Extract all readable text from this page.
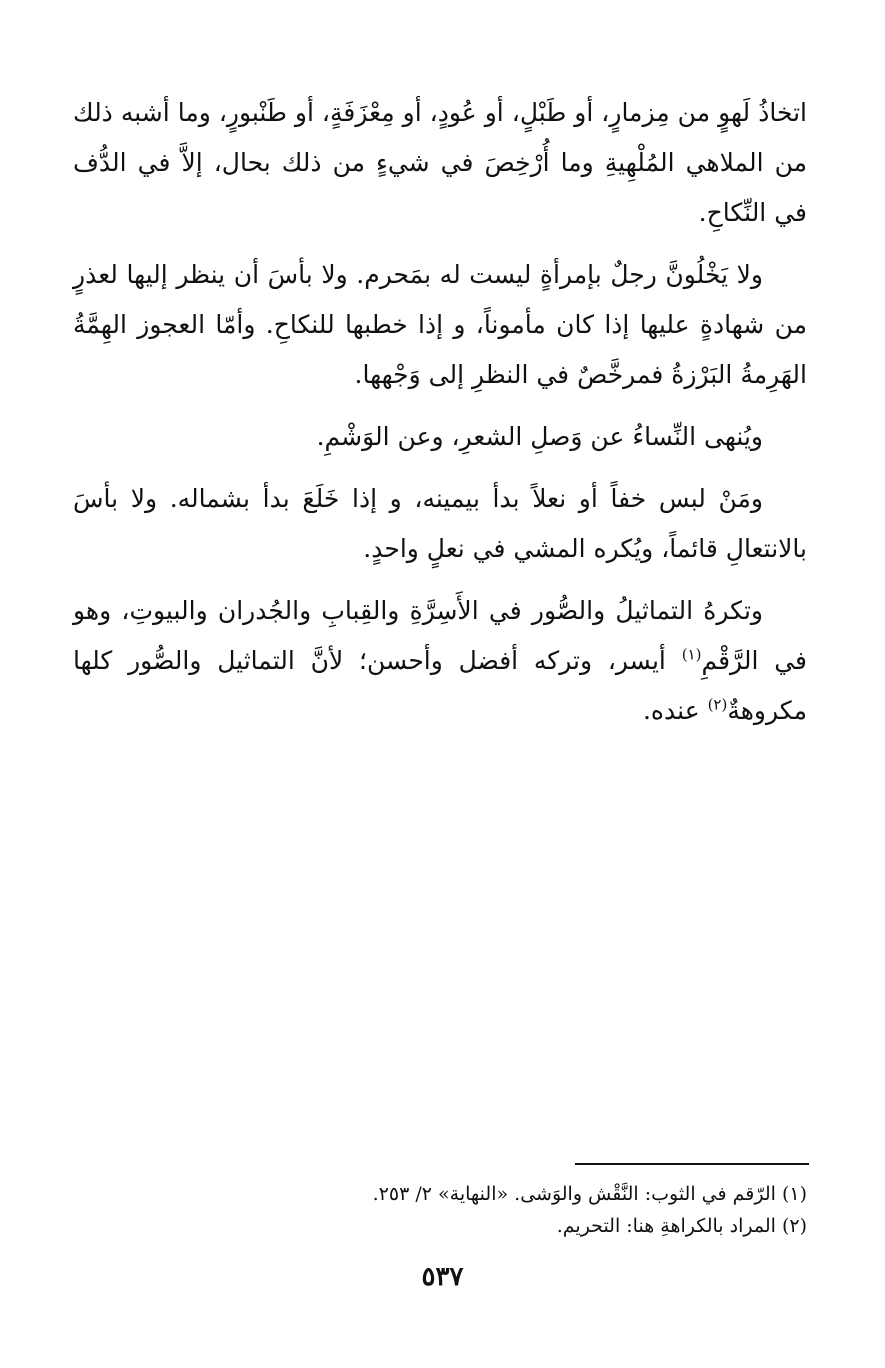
اتخاذُ لَهوٍ من مِزمارٍ، أو طَبْلٍ، أو عُودٍ، أو مِعْزَفَةٍ، أو طَنْبورٍ، وما أشبه ذلك من الملاهي المُلْهِيةِ وما أُرْخِصَ في شيءٍ من ذلك بحال، إلاَّ في الدُّف في النِّكاحِ.

ولا يَخْلُونَّ رجلٌ بإمرأةٍ ليست له بمَحرم. ولا بأسَ أن ينظر إليها لعذرٍ من شهادةٍ عليها إذا كان مأموناً، و إذا خطبها للنكاحِ. وأمّا العجوز الهِمَّةُ الهَرِمةُ البَرْزةُ فمرخَّصٌ في النظرِ إلى وَجْهها.

ويُنهى النِّساءُ عن وَصلِ الشعرِ، وعن الوَشْمِ.

ومَنْ لبس خفاً أو نعلاً بدأ بيمينه، و إذا خَلَعَ بدأ بشماله. ولا بأسَ بالانتعالِ قائماً، ويُكره المشي في نعلٍ واحدٍ.

وتكرهُ التماثيلُ والصُّور في الأَسِرَّةِ والقِبابِ والجُدران والبيوتِ، وهو في الرَّقْمِ$^{(١)}$ أيسر، وتركه أفضل وأحسن؛ لأنَّ التماثيل والصُّور كلها مكروهةٌ$^{(٢)}$ عنده.

(١) الرّقم في الثوب: النَّقْش والوَشى. «النهاية» ٢/ ٢٥٣.

(٢) المراد بالكراهةِ هنا: التحريم.

٥٣٧
